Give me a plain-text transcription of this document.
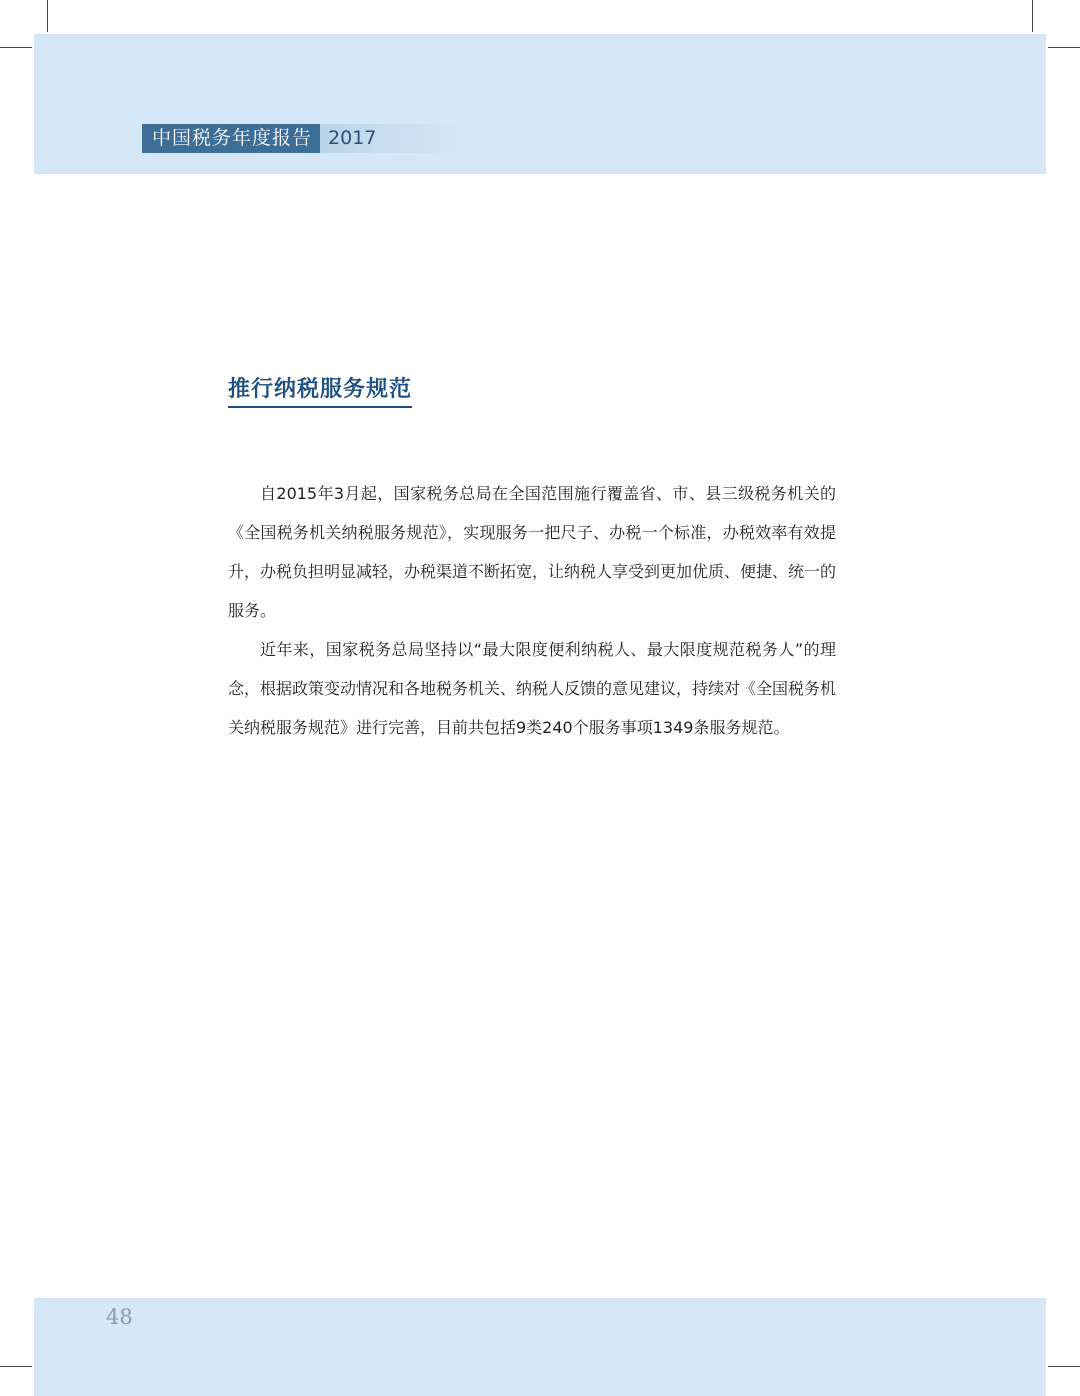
中国税务年度报告 2017
推行纳税服务规范

自2015年3月起，国家税务总局在全国范围施行覆盖省、市、县三级税务机关的《全国税务机关纳税服务规范》，实现服务一把尺子、办税一个标准，办税效率有效提升，办税负担明显减轻，办税渠道不断拓宽，让纳税人享受到更加优质、便捷、统一的服务。

近年来，国家税务总局坚持以“最大限度便利纳税人、最大限度规范税务人”的理念，根据政策变动情况和各地税务机关、纳税人反馈的意见建议，持续对《全国税务机关纳税服务规范》进行完善，目前共包括9类240个服务事项1349条服务规范。

48
